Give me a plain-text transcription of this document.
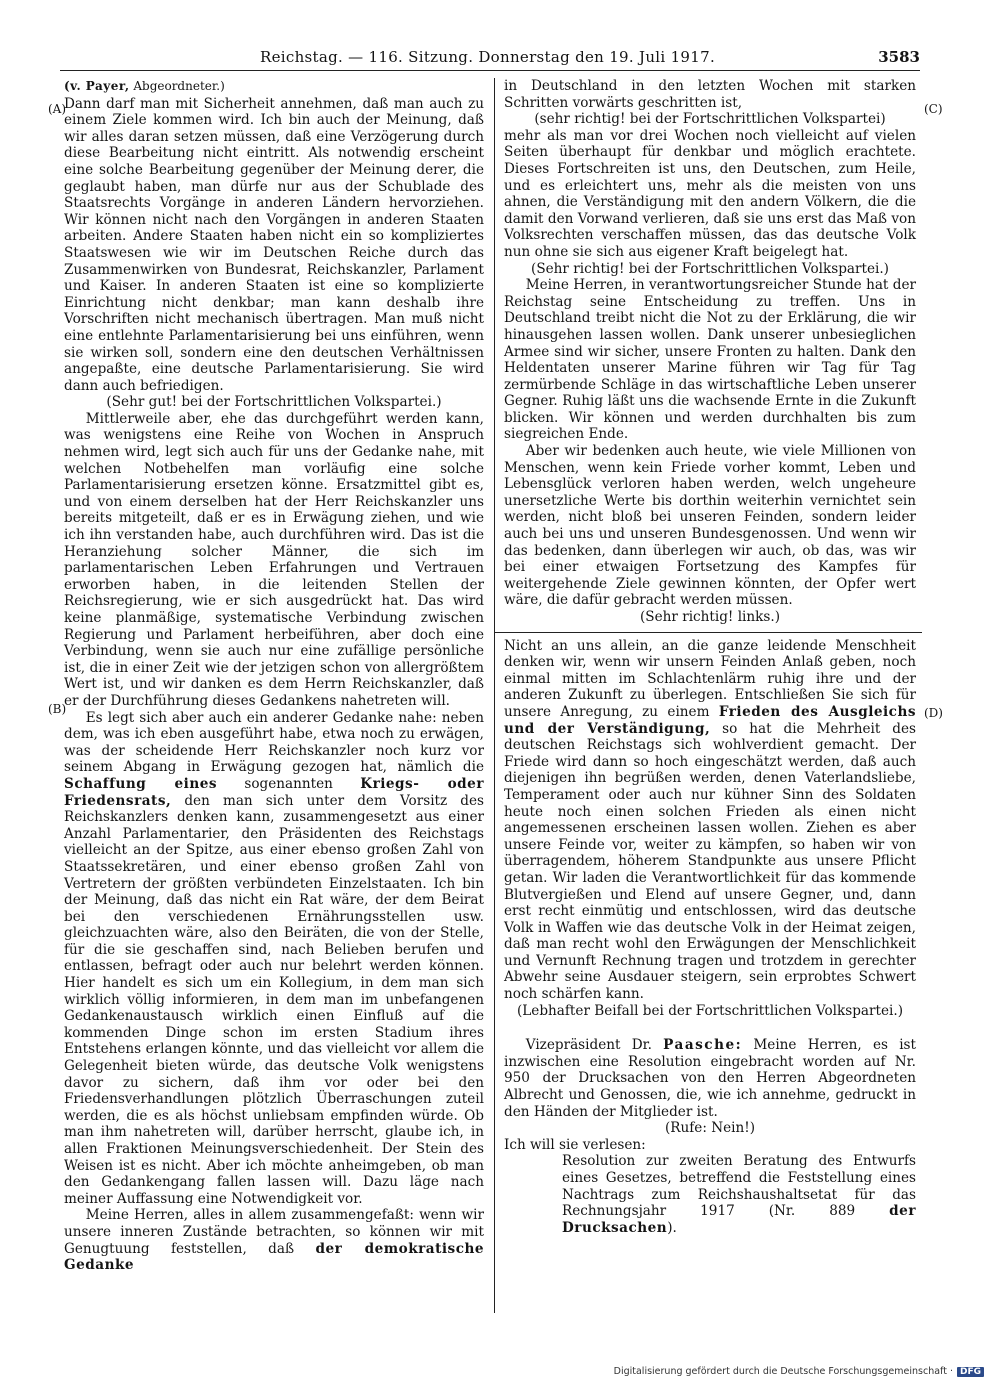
Reichstag. — 116. Sitzung. Donnerstag den 19. Juli 1917.	3583
(A)
(B)
(C)
(D)

(v. Payer, Abgeordneter.)

Dann darf man mit Sicherheit annehmen, daß man auch zu einem Ziele kommen wird. Ich bin auch der Meinung, daß wir alles daran setzen müssen, daß eine Verzögerung durch diese Bearbeitung nicht eintritt. Als notwendig erscheint eine solche Bearbeitung gegenüber der Meinung derer, die geglaubt haben, man dürfe nur aus der Schublade des Staatsrechts Vorgänge in anderen Ländern hervorziehen. Wir können nicht nach den Vorgängen in anderen Staaten arbeiten. Andere Staaten haben nicht ein so kompliziertes Staatswesen wie wir im Deutschen Reiche durch das Zusammenwirken von Bundesrat, Reichskanzler, Parlament und Kaiser. In anderen Staaten ist eine so komplizierte Einrichtung nicht denkbar; man kann deshalb ihre Vorschriften nicht mechanisch übertragen. Man muß nicht eine entlehnte Parlamentarisierung bei uns einführen, wenn sie wirken soll, sondern eine den deutschen Verhältnissen angepaßte, eine deutsche Parlamentarisierung. Sie wird dann auch befriedigen.

(Sehr gut! bei der Fortschrittlichen Volkspartei.)

Mittlerweile aber, ehe das durchgeführt werden kann, was wenigstens eine Reihe von Wochen in Anspruch nehmen wird, legt sich auch für uns der Gedanke nahe, mit welchen Notbehelfen man vorläufig eine solche Parlamentarisierung ersetzen könne. Ersatzmittel gibt es, und von einem derselben hat der Herr Reichskanzler uns bereits mitgeteilt, daß er es in Erwägung ziehen, und wie ich ihn verstanden habe, auch durchführen wird. Das ist die Heranziehung solcher Männer, die sich im parlamentarischen Leben Erfahrungen und Vertrauen erworben haben, in die leitenden Stellen der Reichsregierung, wie er sich ausgedrückt hat. Das wird keine planmäßige, systematische Verbindung zwischen Regierung und Parlament herbeiführen, aber doch eine Verbindung, wenn sie auch nur eine zufällige persönliche ist, die in einer Zeit wie der jetzigen schon von allergrößtem Wert ist, und wir danken es dem Herrn Reichskanzler, daß er der Durchführung dieses Gedankens nahetreten will.

Es legt sich aber auch ein anderer Gedanke nahe: neben dem, was ich eben ausgeführt habe, etwa noch zu erwägen, was der scheidende Herr Reichskanzler noch kurz vor seinem Abgang in Erwägung gezogen hat, nämlich die Schaffung eines sogenannten Kriegs- oder Friedensrats, den man sich unter dem Vorsitz des Reichskanzlers denken kann, zusammengesetzt aus einer Anzahl Parlamentarier, den Präsidenten des Reichstags vielleicht an der Spitze, aus einer ebenso großen Zahl von Staatssekretären, und einer ebenso großen Zahl von Vertretern der größten verbündeten Einzelstaaten. Ich bin der Meinung, daß das nicht ein Rat wäre, der dem Beirat bei den verschiedenen Ernährungsstellen usw. gleichzuachten wäre, also den Beiräten, die von der Stelle, für die sie geschaffen sind, nach Belieben berufen und entlassen, befragt oder auch nur belehrt werden können. Hier handelt es sich um ein Kollegium, in dem man sich wirklich völlig informieren, in dem man im unbefangenen Gedankenaustausch wirklich einen Einfluß auf die kommenden Dinge schon im ersten Stadium ihres Entstehens erlangen könnte, und das vielleicht vor allem die Gelegenheit bieten würde, das deutsche Volk wenigstens davor zu sichern, daß ihm vor oder bei den Friedensverhandlungen plötzlich Überraschungen zuteil werden, die es als höchst unliebsam empfinden würde. Ob man ihm nahetreten will, darüber herrscht, glaube ich, in allen Fraktionen Meinungsverschiedenheit. Der Stein des Weisen ist es nicht. Aber ich möchte anheimgeben, ob man den Gedankengang fallen lassen will. Dazu läge nach meiner Auffassung eine Notwendigkeit vor.

Meine Herren, alles in allem zusammengefaßt: wenn wir unsere inneren Zustände betrachten, so können wir mit Genugtuung feststellen, daß der demokratische Gedanke

in Deutschland in den letzten Wochen mit starken Schritten vorwärts geschritten ist,

(sehr richtig! bei der Fortschrittlichen Volkspartei)

mehr als man vor drei Wochen noch vielleicht auf vielen Seiten überhaupt für denkbar und möglich erachtete. Dieses Fortschreiten ist uns, den Deutschen, zum Heile, und es erleichtert uns, mehr als die meisten von uns ahnen, die Verständigung mit den andern Völkern, die die damit den Vorwand verlieren, daß sie uns erst das Maß von Volksrechten verschaffen müssen, das das deutsche Volk nun ohne sie sich aus eigener Kraft beigelegt hat.

(Sehr richtig! bei der Fortschrittlichen Volkspartei.)

Meine Herren, in verantwortungsreicher Stunde hat der Reichstag seine Entscheidung zu treffen. Uns in Deutschland treibt nicht die Not zu der Erklärung, die wir hinausgehen lassen wollen. Dank unserer unbesieglichen Armee sind wir sicher, unsere Fronten zu halten. Dank den Heldentaten unserer Marine führen wir Tag für Tag zermürbende Schläge in das wirtschaftliche Leben unserer Gegner. Ruhig läßt uns die wachsende Ernte in die Zukunft blicken. Wir können und werden durchhalten bis zum siegreichen Ende.

Aber wir bedenken auch heute, wie viele Millionen von Menschen, wenn kein Friede vorher kommt, Leben und Lebensglück verloren haben werden, welch ungeheure unersetzliche Werte bis dorthin weiterhin vernichtet sein werden, nicht bloß bei unseren Feinden, sondern leider auch bei uns und unseren Bundesgenossen. Und wenn wir das bedenken, dann überlegen wir auch, ob das, was wir bei einer etwaigen Fortsetzung des Kampfes für weitergehende Ziele gewinnen könnten, der Opfer wert wäre, die dafür gebracht werden müssen.

(Sehr richtig! links.)

Nicht an uns allein, an die ganze leidende Menschheit denken wir, wenn wir unsern Feinden Anlaß geben, noch einmal mitten im Schlachtenlärm ruhig ihre und der anderen Zukunft zu überlegen. Entschließen Sie sich für unsere Anregung, zu einem Frieden des Ausgleichs und der Verständigung, so hat die Mehrheit des deutschen Reichstags sich wohlverdient gemacht. Der Friede wird dann so hoch eingeschätzt werden, daß auch diejenigen ihn begrüßen werden, denen Vaterlandsliebe, Temperament oder auch nur kühner Sinn des Soldaten heute noch einen solchen Frieden als einen nicht angemessenen erscheinen lassen wollen. Ziehen es aber unsere Feinde vor, weiter zu kämpfen, so haben wir von überragendem, höherem Standpunkte aus unsere Pflicht getan. Wir laden die Verantwortlichkeit für das kommende Blutvergießen und Elend auf unsere Gegner, und, dann erst recht einmütig und entschlossen, wird das deutsche Volk in Waffen wie das deutsche Volk in der Heimat zeigen, daß man recht wohl den Erwägungen der Menschlichkeit und Vernunft Rechnung tragen und trotzdem in gerechter Abwehr seine Ausdauer steigern, sein erprobtes Schwert noch schärfen kann.

(Lebhafter Beifall bei der Fortschrittlichen Volkspartei.)

Vizepräsident Dr. Paasche: Meine Herren, es ist inzwischen eine Resolution eingebracht worden auf Nr. 950 der Drucksachen von den Herren Abgeordneten Albrecht und Genossen, die, wie ich annehme, gedruckt in den Händen der Mitglieder ist.

(Rufe: Nein!)

Ich will sie verlesen:

Resolution zur zweiten Beratung des Entwurfs eines Gesetzes, betreffend die Feststellung eines Nachtrags zum Reichshaushaltsetat für das Rechnungsjahr 1917 (Nr. 889 der Drucksachen).

Digitalisierung gefördert durch die Deutsche Forschungsgemeinschaft · DFG
